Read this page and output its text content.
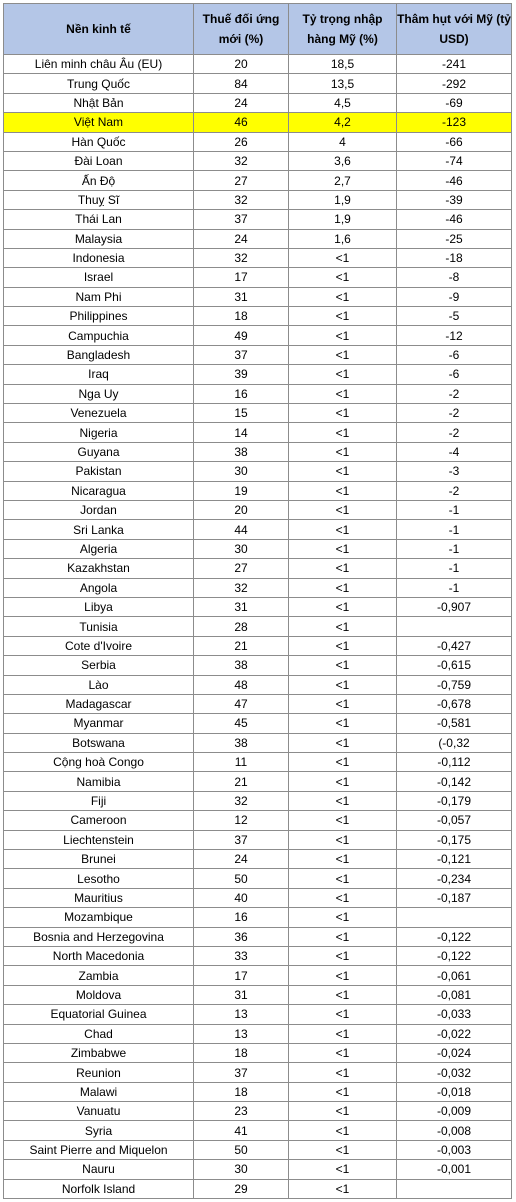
Nền kinh tế	Thuế đối ứng mới (%)	Tỷ trọng nhập hàng Mỹ (%)	Thâm hụt với Mỹ (tỷ USD)
Liên minh châu Âu (EU)	20	18,5	-241
Trung Quốc	84	13,5	-292
Nhật Bản	24	4,5	-69
Việt Nam	46	4,2	-123
Hàn Quốc	26	4	-66
Đài Loan	32	3,6	-74
Ấn Độ	27	2,7	-46
Thuỵ Sĩ	32	1,9	-39
Thái Lan	37	1,9	-46
Malaysia	24	1,6	-25
Indonesia	32	<1	-18
Israel	17	<1	-8
Nam Phi	31	<1	-9
Philippines	18	<1	-5
Campuchia	49	<1	-12
Bangladesh	37	<1	-6
Iraq	39	<1	-6
Nga Uy	16	<1	-2
Venezuela	15	<1	-2
Nigeria	14	<1	-2
Guyana	38	<1	-4
Pakistan	30	<1	-3
Nicaragua	19	<1	-2
Jordan	20	<1	-1
Sri Lanka	44	<1	-1
Algeria	30	<1	-1
Kazakhstan	27	<1	-1
Angola	32	<1	-1
Libya	31	<1	-0,907
Tunisia	28	<1	
Cote d'Ivoire	21	<1	-0,427
Serbia	38	<1	-0,615
Lào	48	<1	-0,759
Madagascar	47	<1	-0,678
Myanmar	45	<1	-0,581
Botswana	38	<1	(-0,32
Cộng hoà Congo	11	<1	-0,112
Namibia	21	<1	-0,142
Fiji	32	<1	-0,179
Cameroon	12	<1	-0,057
Liechtenstein	37	<1	-0,175
Brunei	24	<1	-0,121
Lesotho	50	<1	-0,234
Mauritius	40	<1	-0,187
Mozambique	16	<1	
Bosnia and Herzegovina	36	<1	-0,122
North Macedonia	33	<1	-0,122
Zambia	17	<1	-0,061
Moldova	31	<1	-0,081
Equatorial Guinea	13	<1	-0,033
Chad	13	<1	-0,022
Zimbabwe	18	<1	-0,024
Reunion	37	<1	-0,032
Malawi	18	<1	-0,018
Vanuatu	23	<1	-0,009
Syria	41	<1	-0,008
Saint Pierre and Miquelon	50	<1	-0,003
Nauru	30	<1	-0,001
Norfolk Island	29	<1	
